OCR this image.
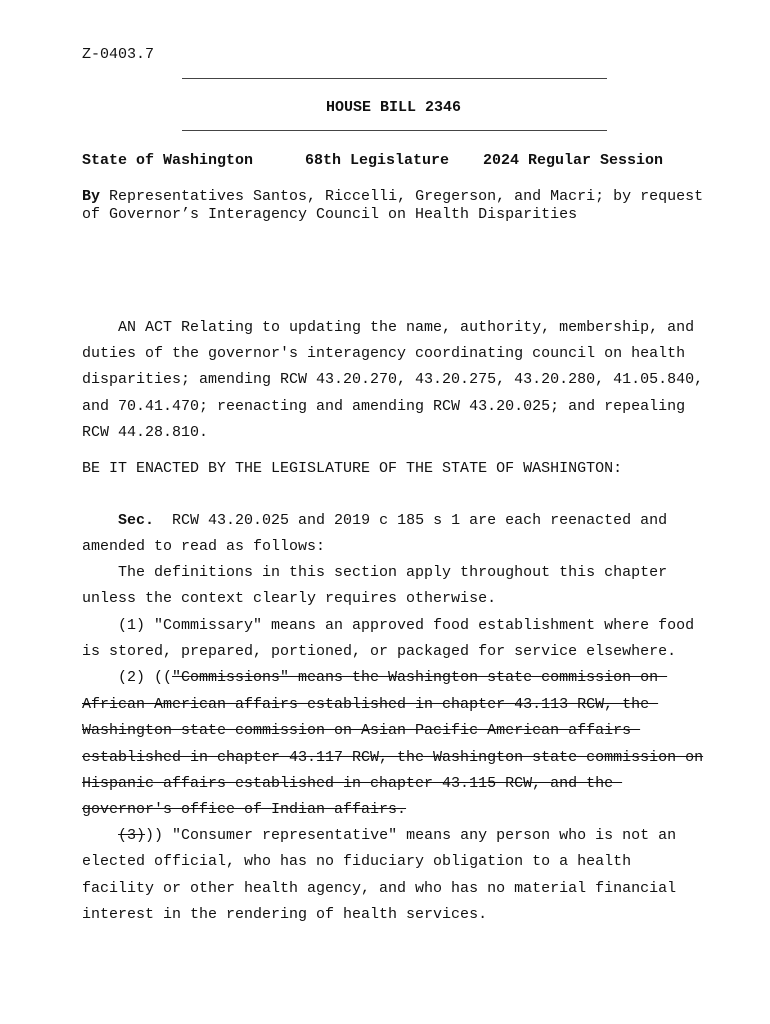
Z-0403.7
HOUSE BILL 2346
State of Washington	68th Legislature 2024 Regular Session
By Representatives Santos, Riccelli, Gregerson, and Macri; by request
of Governor’s Interagency Council on Health Disparities
AN ACT Relating to updating the name, authority, membership, and
duties of the governor's interagency coordinating council on health
disparities; amending RCW 43.20.270, 43.20.275, 43.20.280, 41.05.840,
and 70.41.470; reenacting and amending RCW 43.20.025; and repealing
RCW 44.28.810.
BE IT ENACTED BY THE LEGISLATURE OF THE STATE OF WASHINGTON:
Sec.  RCW 43.20.025 and 2019 c 185 s 1 are each reenacted and
amended to read as follows:
The definitions in this section apply throughout this chapter
unless the context clearly requires otherwise.
(1) "Commissary" means an approved food establishment where food
is stored, prepared, portioned, or packaged for service elsewhere.
(2) (("Commissions" means the Washington state commission on
African American affairs established in chapter 43.113 RCW, the
Washington state commission on Asian Pacific American affairs
established in chapter 43.117 RCW, the Washington state commission on
Hispanic affairs established in chapter 43.115 RCW, and the
governor's office of Indian affairs.
(3))) "Consumer representative" means any person who is not an
elected official, who has no fiduciary obligation to a health
facility or other health agency, and who has no material financial
interest in the rendering of health services.
